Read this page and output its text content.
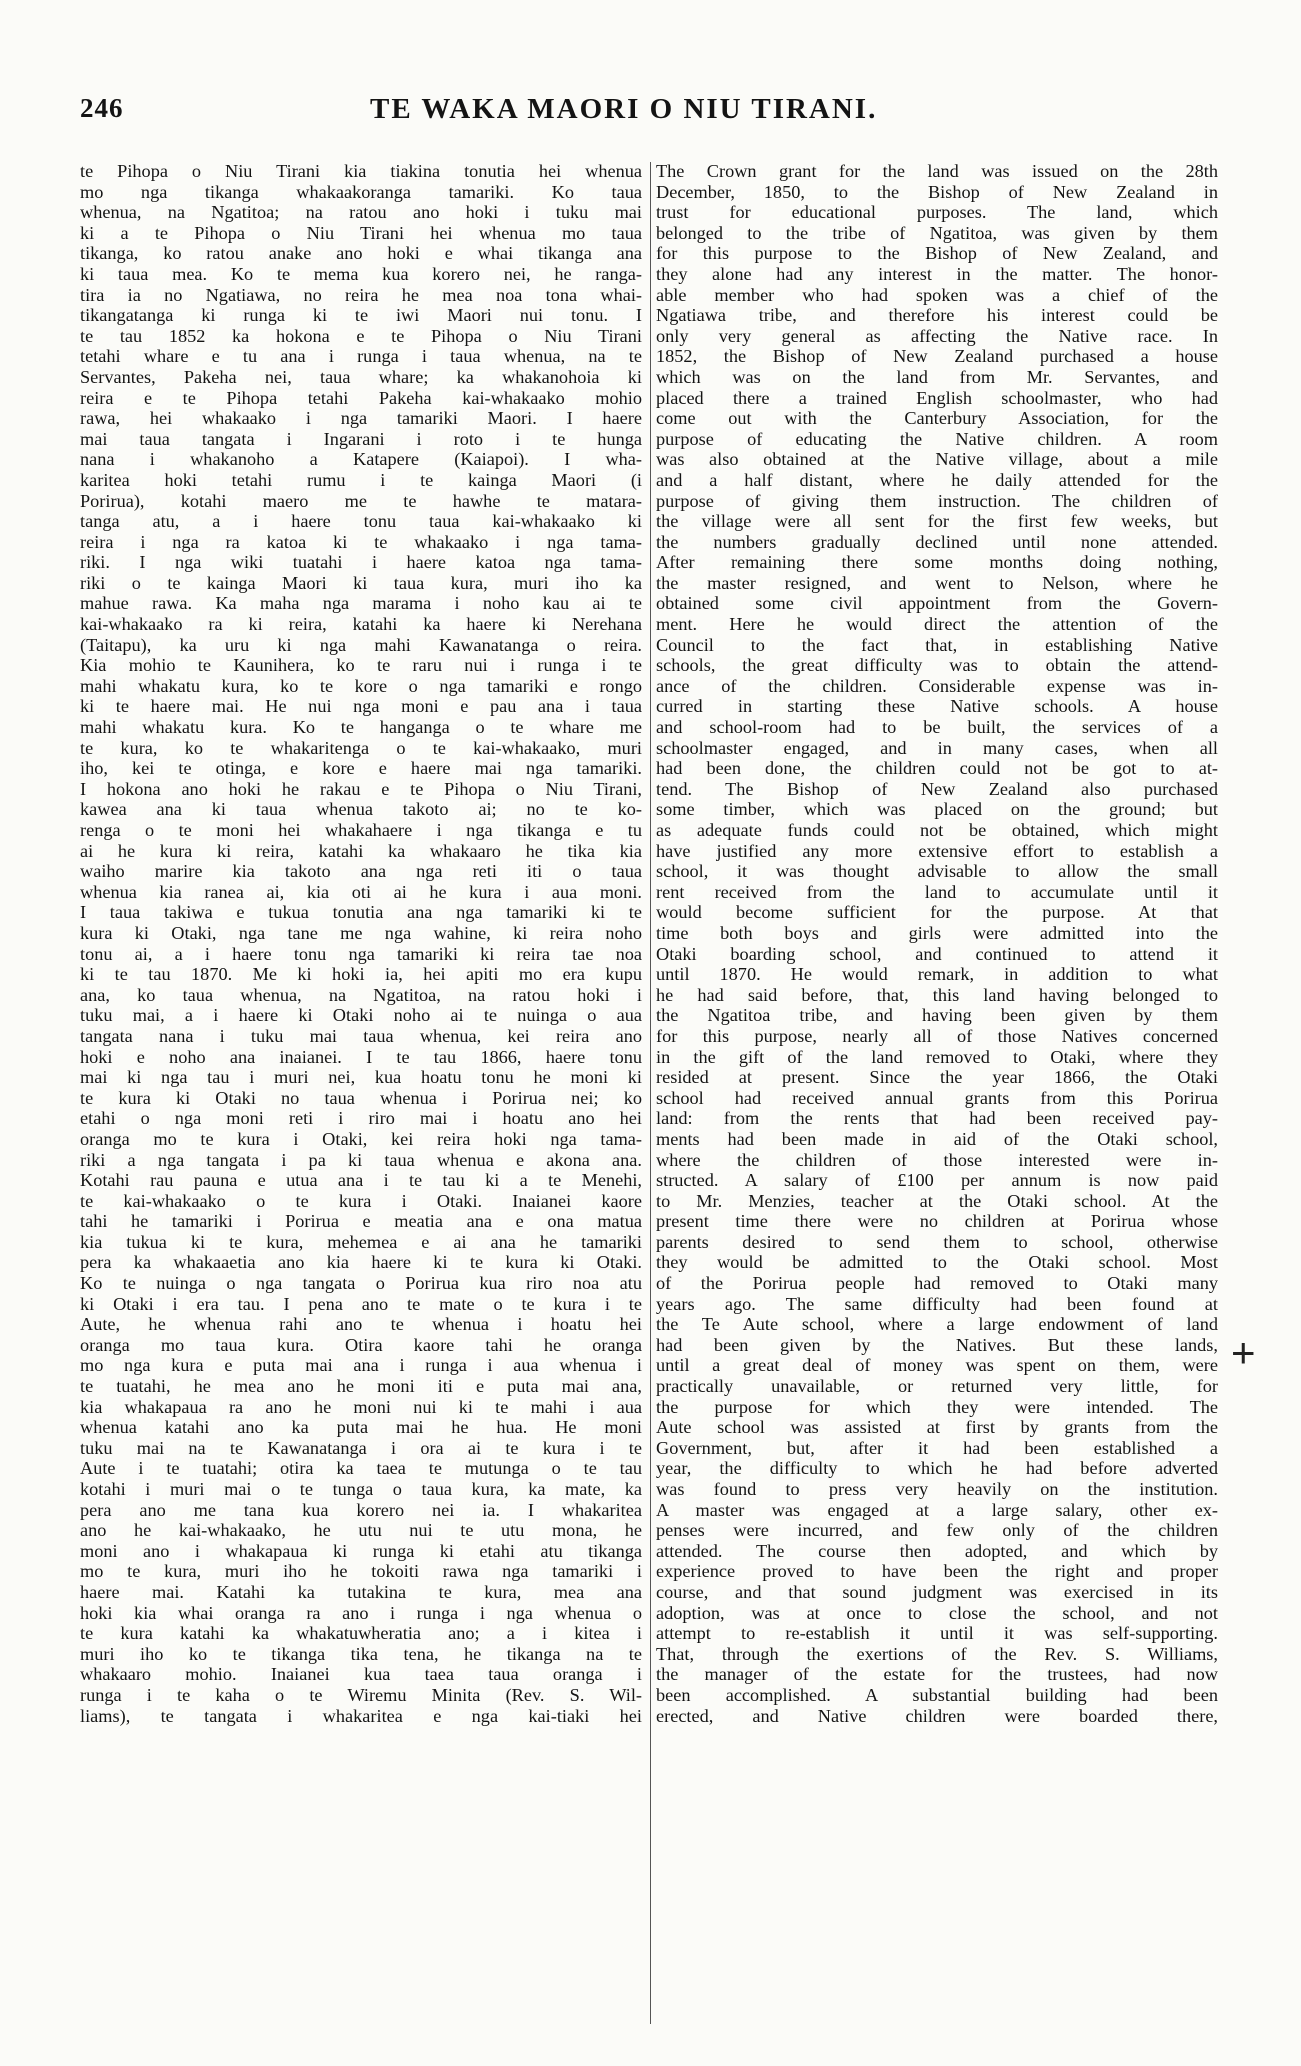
246	TE WAKA MAORI O NIU TIRANI.
te Pihopa o Niu Tirani kia tiakina tonutia hei whenua
mo nga tikanga whakaakoranga tamariki. Ko taua
whenua, na Ngatitoa; na ratou ano hoki i tuku mai
ki a te Pihopa o Niu Tirani hei whenua mo taua
tikanga, ko ratou anake ano hoki e whai tikanga ana
ki taua mea. Ko te mema kua korero nei, he ranga-
tira ia no Ngatiawa, no reira he mea noa tona whai-
tikangatanga ki runga ki te iwi Maori nui tonu. I
te tau 1852 ka hokona e te Pihopa o Niu Tirani
tetahi whare e tu ana i runga i taua whenua, na te
Servantes, Pakeha nei, taua whare; ka whakanohoia ki
reira e te Pihopa tetahi Pakeha kai-whakaako mohio
rawa, hei whakaako i nga tamariki Maori. I haere
mai taua tangata i Ingarani i roto i te hunga
nana i whakanoho a Katapere (Kaiapoi). I wha-
karitea hoki tetahi rumu i te kainga Maori (i
Porirua), kotahi maero me te hawhe te matara-
tanga atu, a i haere tonu taua kai-whakaako ki
reira i nga ra katoa ki te whakaako i nga tama-
riki. I nga wiki tuatahi i haere katoa nga tama-
riki o te kainga Maori ki taua kura, muri iho ka
mahue rawa. Ka maha nga marama i noho kau ai te
kai-whakaako ra ki reira, katahi ka haere ki Nerehana
(Taitapu), ka uru ki nga mahi Kawanatanga o reira.
Kia mohio te Kaunihera, ko te raru nui i runga i te
mahi whakatu kura, ko te kore o nga tamariki e rongo
ki te haere mai. He nui nga moni e pau ana i taua
mahi whakatu kura. Ko te hanganga o te whare me
te kura, ko te whakaritenga o te kai-whakaako, muri
iho, kei te otinga, e kore e haere mai nga tamariki.
I hokona ano hoki he rakau e te Pihopa o Niu Tirani,
kawea ana ki taua whenua takoto ai; no te ko-
renga o te moni hei whakahaere i nga tikanga e tu
ai he kura ki reira, katahi ka whakaaro he tika kia
waiho marire kia takoto ana nga reti iti o taua
whenua kia ranea ai, kia oti ai he kura i aua moni.
I taua takiwa e tukua tonutia ana nga tamariki ki te
kura ki Otaki, nga tane me nga wahine, ki reira noho
tonu ai, a i haere tonu nga tamariki ki reira tae noa
ki te tau 1870. Me ki hoki ia, hei apiti mo era kupu
ana, ko taua whenua, na Ngatitoa, na ratou hoki i
tuku mai, a i haere ki Otaki noho ai te nuinga o aua
tangata nana i tuku mai taua whenua, kei reira ano
hoki e noho ana inaianei. I te tau 1866, haere tonu
mai ki nga tau i muri nei, kua hoatu tonu he moni ki
te kura ki Otaki no taua whenua i Porirua nei; ko
etahi o nga moni reti i riro mai i hoatu ano hei
oranga mo te kura i Otaki, kei reira hoki nga tama-
riki a nga tangata i pa ki taua whenua e akona ana.
Kotahi rau pauna e utua ana i te tau ki a te Menehi,
te kai-whakaako o te kura i Otaki. Inaianei kaore
tahi he tamariki i Porirua e meatia ana e ona matua
kia tukua ki te kura, mehemea e ai ana he tamariki
pera ka whakaaetia ano kia haere ki te kura ki Otaki.
Ko te nuinga o nga tangata o Porirua kua riro noa atu
ki Otaki i era tau. I pena ano te mate o te kura i te
Aute, he whenua rahi ano te whenua i hoatu hei
oranga mo taua kura. Otira kaore tahi he oranga
mo nga kura e puta mai ana i runga i aua whenua i
te tuatahi, he mea ano he moni iti e puta mai ana,
kia whakapaua ra ano he moni nui ki te mahi i aua
whenua katahi ano ka puta mai he hua. He moni
tuku mai na te Kawanatanga i ora ai te kura i te
Aute i te tuatahi; otira ka taea te mutunga o te tau
kotahi i muri mai o te tunga o taua kura, ka mate, ka
pera ano me tana kua korero nei ia. I whakaritea
ano he kai-whakaako, he utu nui te utu mona, he
moni ano i whakapaua ki runga ki etahi atu tikanga
mo te kura, muri iho he tokoiti rawa nga tamariki i
haere mai. Katahi ka tutakina te kura, mea ana
hoki kia whai oranga ra ano i runga i nga whenua o
te kura katahi ka whakatuwheratia ano; a i kitea i
muri iho ko te tikanga tika tena, he tikanga na te
whakaaro mohio. Inaianei kua taea taua oranga i
runga i te kaha o te Wiremu Minita (Rev. S. Wil-
liams), te tangata i whakaritea e nga kai-tiaki hei
The Crown grant for the land was issued on the 28th
December, 1850, to the Bishop of New Zealand in
trust for educational purposes. The land, which
belonged to the tribe of Ngatitoa, was given by them
for this purpose to the Bishop of New Zealand, and
they alone had any interest in the matter. The honor-
able member who had spoken was a chief of the
Ngatiawa tribe, and therefore his interest could be
only very general as affecting the Native race. In
1852, the Bishop of New Zealand purchased a house
which was on the land from Mr. Servantes, and
placed there a trained English schoolmaster, who had
come out with the Canterbury Association, for the
purpose of educating the Native children. A room
was also obtained at the Native village, about a mile
and a half distant, where he daily attended for the
purpose of giving them instruction. The children of
the village were all sent for the first few weeks, but
the numbers gradually declined until none attended.
After remaining there some months doing nothing,
the master resigned, and went to Nelson, where he
obtained some civil appointment from the Govern-
ment. Here he would direct the attention of the
Council to the fact that, in establishing Native
schools, the great difficulty was to obtain the attend-
ance of the children. Considerable expense was in-
curred in starting these Native schools. A house
and school-room had to be built, the services of a
schoolmaster engaged, and in many cases, when all
had been done, the children could not be got to at-
tend. The Bishop of New Zealand also purchased
some timber, which was placed on the ground; but
as adequate funds could not be obtained, which might
have justified any more extensive effort to establish a
school, it was thought advisable to allow the small
rent received from the land to accumulate until it
would become sufficient for the purpose. At that
time both boys and girls were admitted into the
Otaki boarding school, and continued to attend it
until 1870. He would remark, in addition to what
he had said before, that, this land having belonged to
the Ngatitoa tribe, and having been given by them
for this purpose, nearly all of those Natives concerned
in the gift of the land removed to Otaki, where they
resided at present. Since the year 1866, the Otaki
school had received annual grants from this Porirua
land: from the rents that had been received pay-
ments had been made in aid of the Otaki school,
where the children of those interested were in-
structed. A salary of £100 per annum is now paid
to Mr. Menzies, teacher at the Otaki school. At the
present time there were no children at Porirua whose
parents desired to send them to school, otherwise
they would be admitted to the Otaki school. Most
of the Porirua people had removed to Otaki many
years ago. The same difficulty had been found at
the Te Aute school, where a large endowment of land
had been given by the Natives. But these lands,
until a great deal of money was spent on them, were
practically unavailable, or returned very little, for
the purpose for which they were intended. The
Aute school was assisted at first by grants from the
Government, but, after it had been established a
year, the difficulty to which he had before adverted
was found to press very heavily on the institution.
A master was engaged at a large salary, other ex-
penses were incurred, and few only of the children
attended. The course then adopted, and which by
experience proved to have been the right and proper
course, and that sound judgment was exercised in its
adoption, was at once to close the school, and not
attempt to re-establish it until it was self-supporting.
That, through the exertions of the Rev. S. Williams,
the manager of the estate for the trustees, had now
been accomplished. A substantial building had been
erected, and Native children were boarded there,
+
